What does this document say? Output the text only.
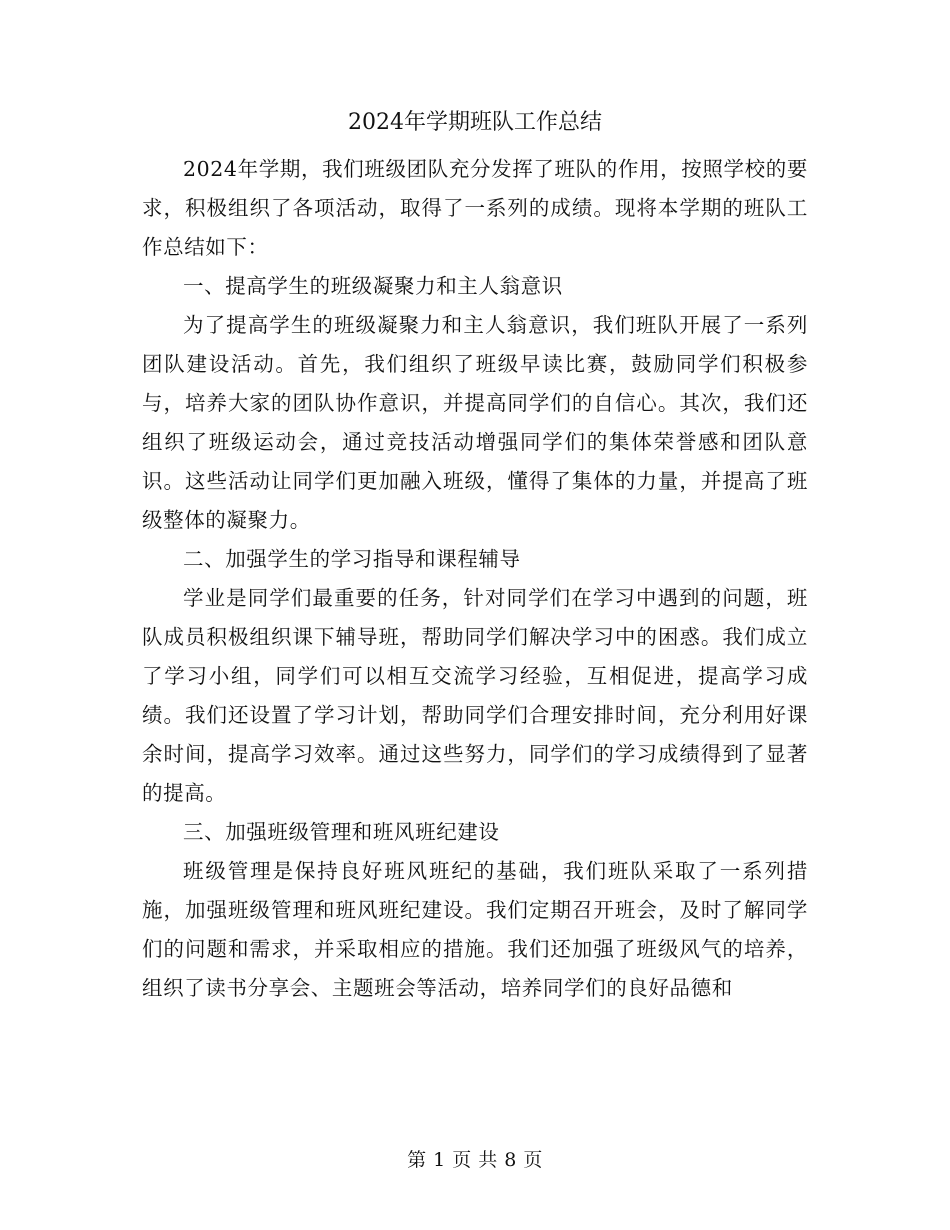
2024年学期班队工作总结

2024年学期，我们班级团队充分发挥了班队的作用，按照学校的要求，积极组织了各项活动，取得了一系列的成绩。现将本学期的班队工作总结如下：

一、提高学生的班级凝聚力和主人翁意识

为了提高学生的班级凝聚力和主人翁意识，我们班队开展了一系列团队建设活动。首先，我们组织了班级早读比赛，鼓励同学们积极参与，培养大家的团队协作意识，并提高同学们的自信心。其次，我们还组织了班级运动会，通过竞技活动增强同学们的集体荣誉感和团队意识。这些活动让同学们更加融入班级，懂得了集体的力量，并提高了班级整体的凝聚力。

二、加强学生的学习指导和课程辅导

学业是同学们最重要的任务，针对同学们在学习中遇到的问题，班队成员积极组织课下辅导班，帮助同学们解决学习中的困惑。我们成立了学习小组，同学们可以相互交流学习经验，互相促进，提高学习成绩。我们还设置了学习计划，帮助同学们合理安排时间，充分利用好课余时间，提高学习效率。通过这些努力，同学们的学习成绩得到了显著的提高。

三、加强班级管理和班风班纪建设

班级管理是保持良好班风班纪的基础，我们班队采取了一系列措施，加强班级管理和班风班纪建设。我们定期召开班会，及时了解同学们的问题和需求，并采取相应的措施。我们还加强了班级风气的培养，组织了读书分享会、主题班会等活动，培养同学们的良好品德和

第 1 页 共 8 页
